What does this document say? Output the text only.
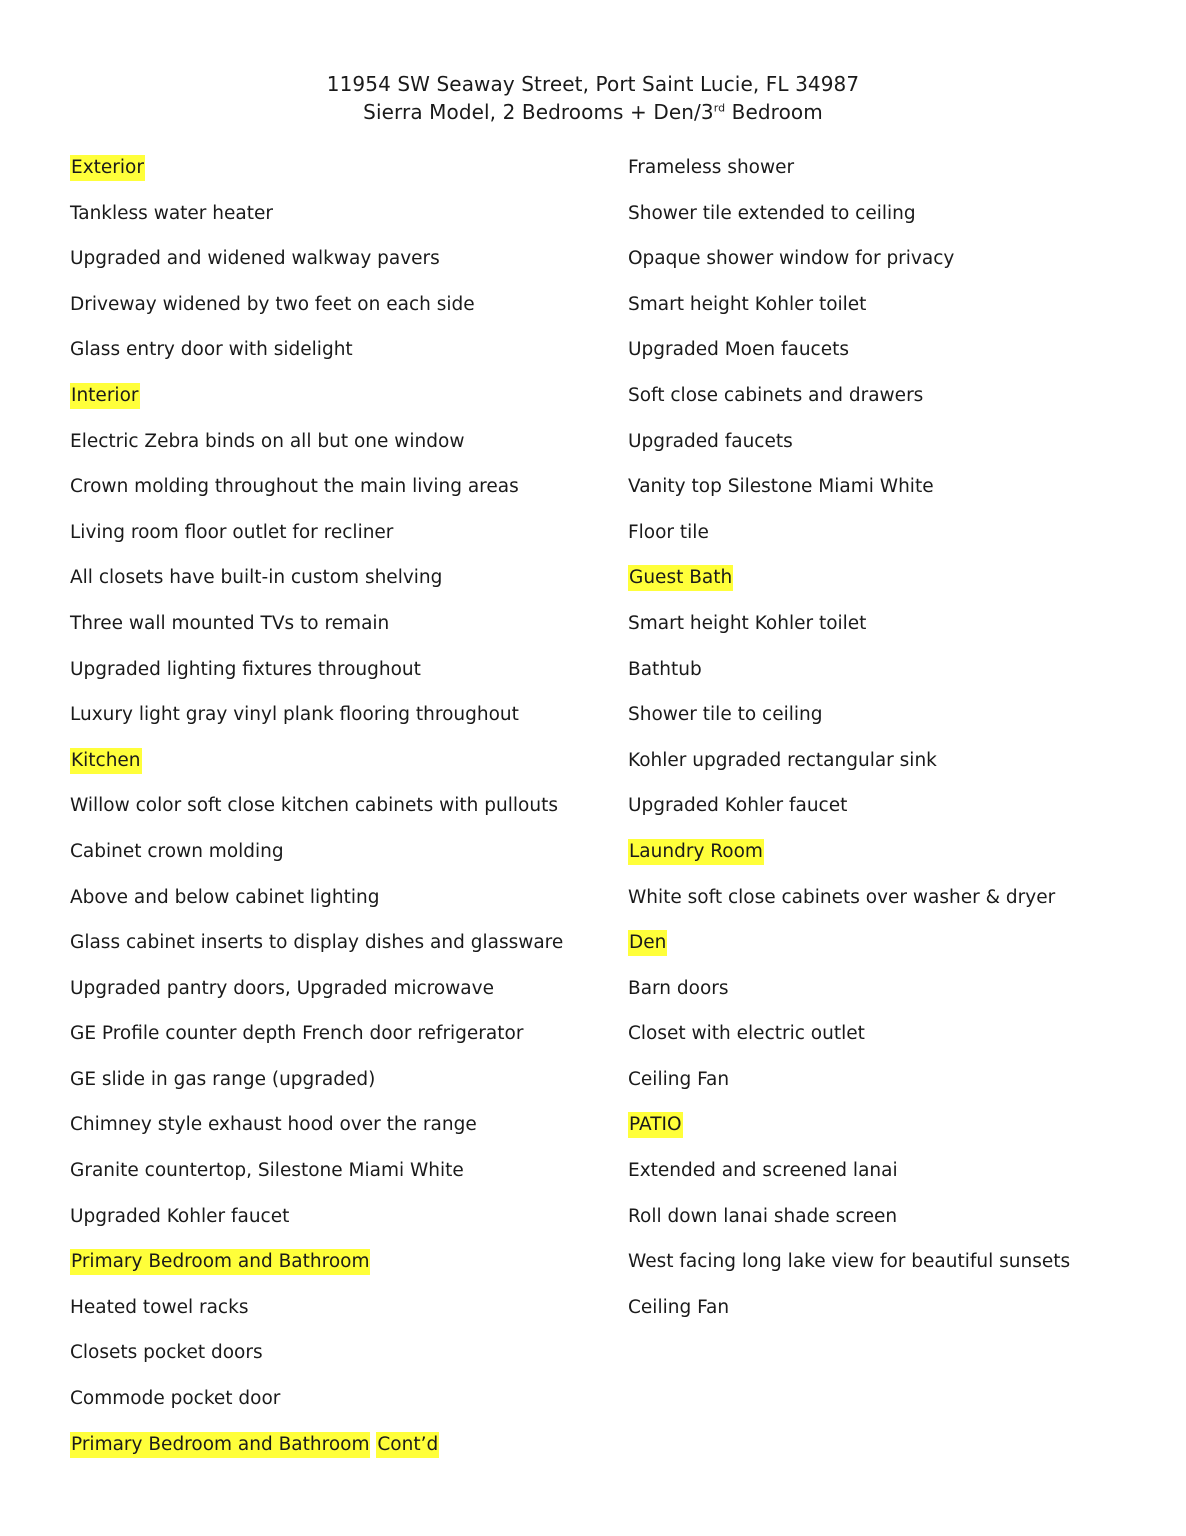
11954 SW Seaway Street, Port Saint Lucie, FL 34987
Sierra Model, 2 Bedrooms + Den/3rd Bedroom
Exterior
Tankless water heater
Upgraded and widened walkway pavers
Driveway widened by two feet on each side
Glass entry door with sidelight
Interior
Electric Zebra binds on all but one window
Crown molding throughout the main living areas
Living room floor outlet for recliner
All closets have built-in custom shelving
Three wall mounted TVs to remain
Upgraded lighting fixtures throughout
Luxury light gray vinyl plank flooring throughout
Kitchen
Willow color soft close kitchen cabinets with pullouts
Cabinet crown molding
Above and below cabinet lighting
Glass cabinet inserts to display dishes and glassware
Upgraded pantry doors, Upgraded microwave
GE Profile counter depth French door refrigerator
GE slide in gas range (upgraded)
Chimney style exhaust hood over the range
Granite countertop, Silestone Miami White
Upgraded Kohler faucet
Primary Bedroom and Bathroom
Heated towel racks
Closets pocket doors
Commode pocket door
Primary Bedroom and Bathroom Cont’d
Frameless shower
Shower tile extended to ceiling
Opaque shower window for privacy
Smart height Kohler toilet
Upgraded Moen faucets
Soft close cabinets and drawers
Upgraded faucets
Vanity top Silestone Miami White
Floor tile
Guest Bath
Smart height Kohler toilet
Bathtub
Shower tile to ceiling
Kohler upgraded rectangular sink
Upgraded Kohler faucet
Laundry Room
White soft close cabinets over washer & dryer
Den
Barn doors
Closet with electric outlet
Ceiling Fan
PATIO
Extended and screened lanai
Roll down lanai shade screen
West facing long lake view for beautiful sunsets
Ceiling Fan
